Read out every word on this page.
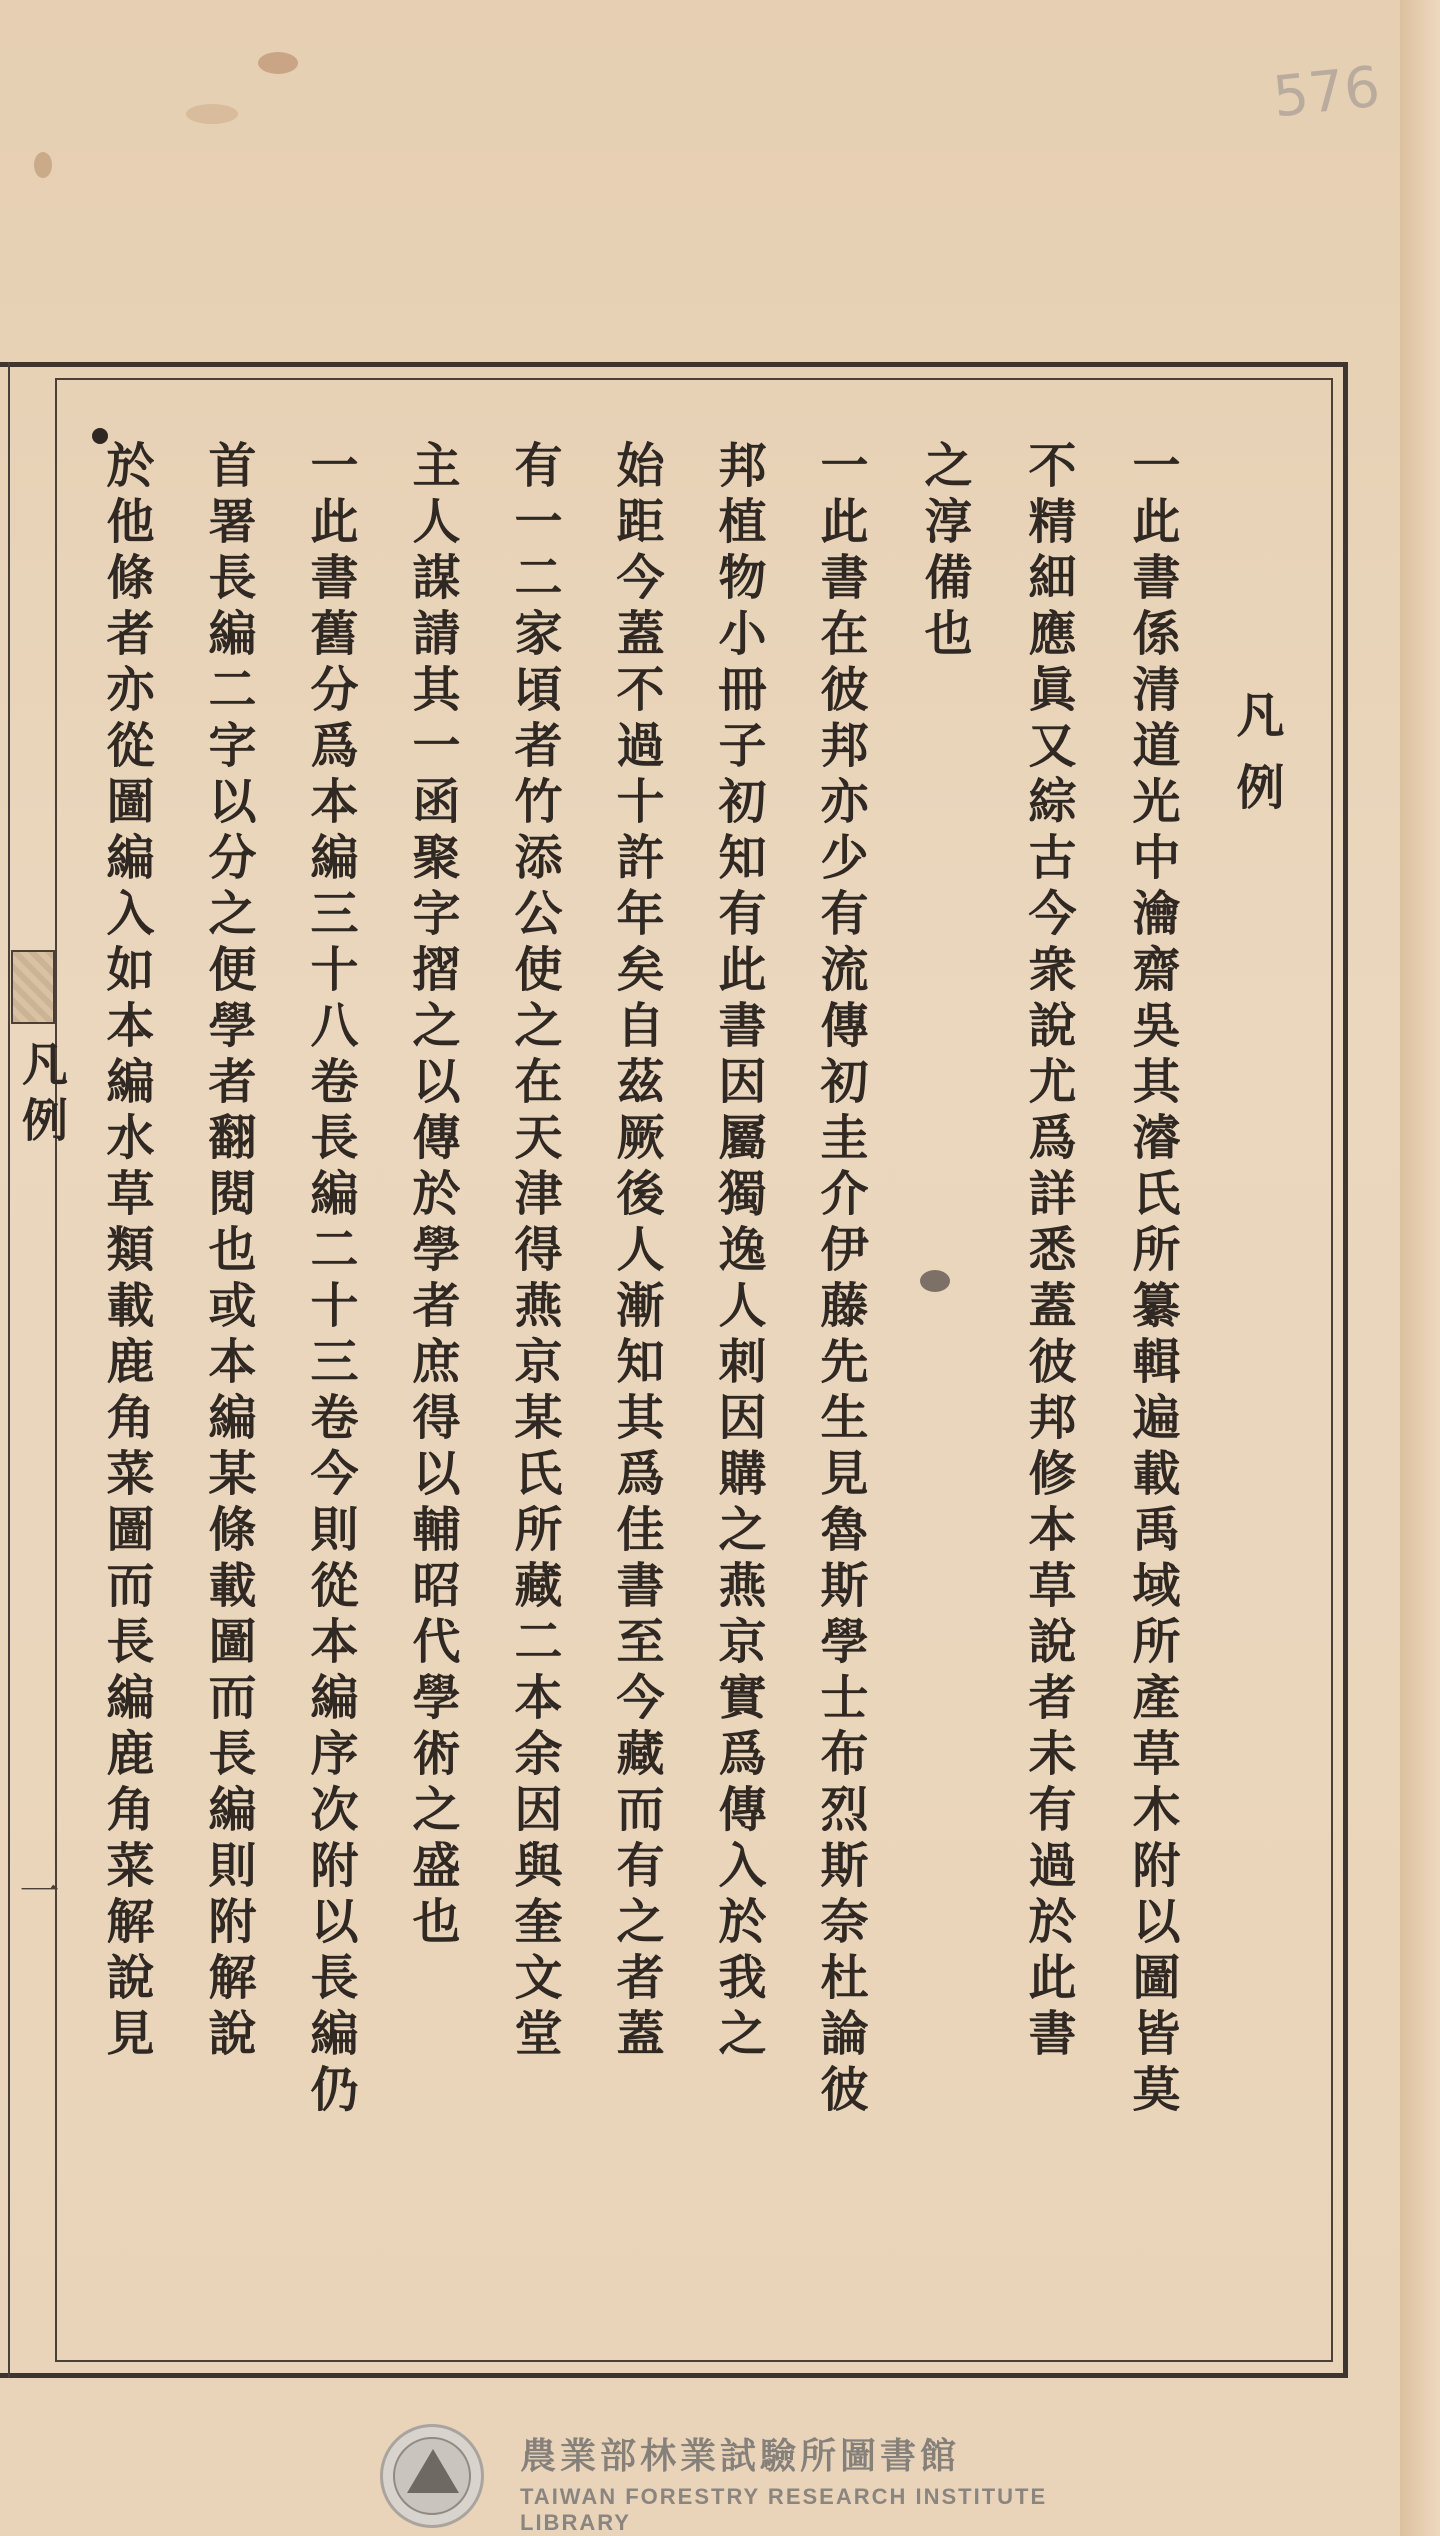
576
凡例
一此書係清道光中瀹齋吳其濬氏所纂輯遍載禹域所產草木附以圖皆莫
不精細應眞又綜古今衆說尤爲詳悉蓋彼邦修本草說者未有過於此書
之淳備也
一此書在彼邦亦少有流傳初圭介伊藤先生見魯斯學士布烈斯奈杜論彼
邦植物小冊子初知有此書因屬獨逸人刺因購之燕京實爲傳入於我之
始距今蓋不過十許年矣自茲厥後人漸知其爲佳書至今藏而有之者蓋
有一二家頃者竹添公使之在天津得燕京某氏所藏二本余因與奎文堂
主人謀請其一函聚字摺之以傳於學者庶得以輔昭代學術之盛也
一此書舊分爲本編三十八卷長編二十三卷今則從本編序次附以長編仍
首署長編二字以分之便學者翻閱也或本編某條載圖而長編則附解說
於他條者亦從圖編入如本編水草類載鹿角菜圖而長編鹿角菜解說見
凡例
一
農業部林業試驗所圖書館
TAIWAN FORESTRY RESEARCH INSTITUTE LIBRARY
